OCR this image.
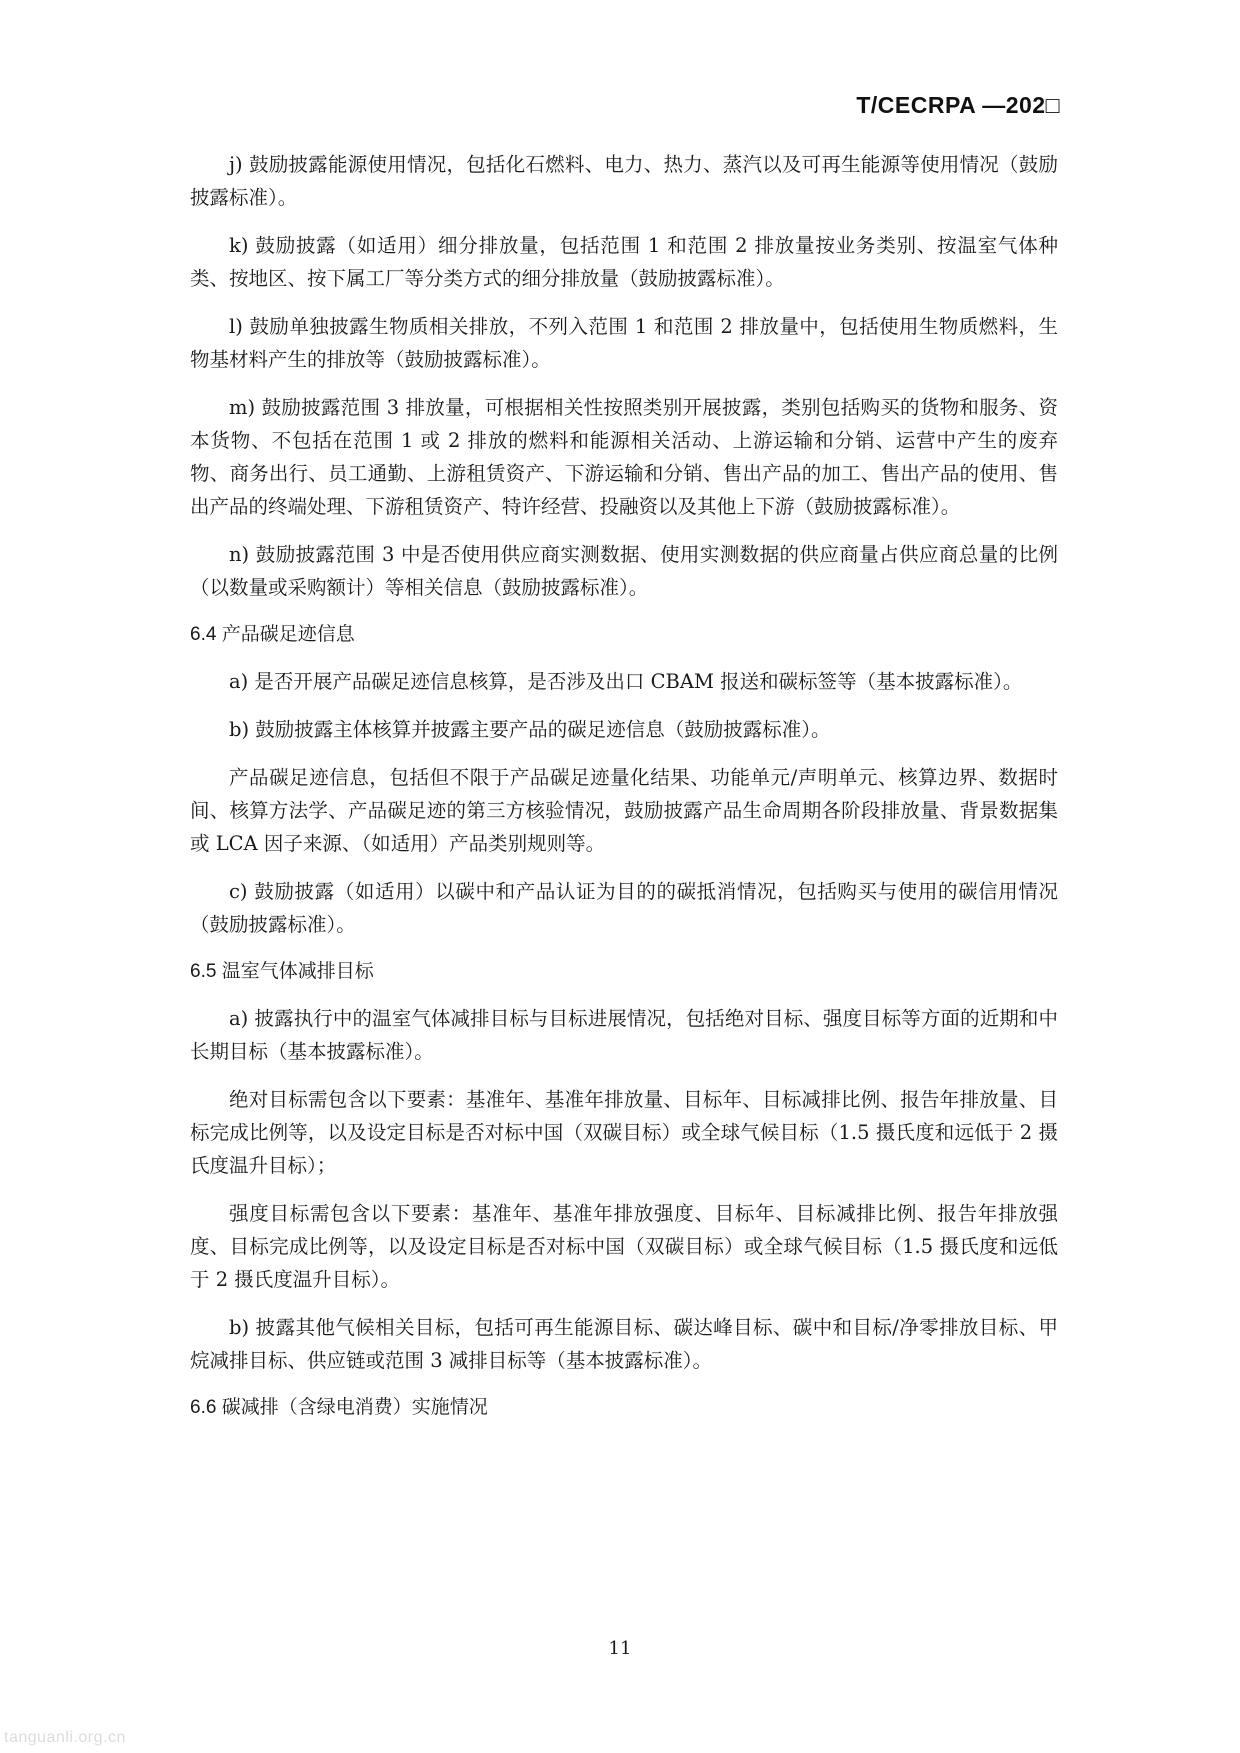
T/CECRPA —202□

j) 鼓励披露能源使用情况，包括化石燃料、电力、热力、蒸汽以及可再生能源等使用情况（鼓励披露标准）。

k) 鼓励披露（如适用）细分排放量，包括范围 1 和范围 2 排放量按业务类别、按温室气体种类、按地区、按下属工厂等分类方式的细分排放量（鼓励披露标准）。

l) 鼓励单独披露生物质相关排放，不列入范围 1 和范围 2 排放量中，包括使用生物质燃料，生物基材料产生的排放等（鼓励披露标准）。

m) 鼓励披露范围 3 排放量，可根据相关性按照类别开展披露，类别包括购买的货物和服务、资本货物、不包括在范围 1 或 2 排放的燃料和能源相关活动、上游运输和分销、运营中产生的废弃物、商务出行、员工通勤、上游租赁资产、下游运输和分销、售出产品的加工、售出产品的使用、售出产品的终端处理、下游租赁资产、特许经营、投融资以及其他上下游（鼓励披露标准）。

n) 鼓励披露范围 3 中是否使用供应商实测数据、使用实测数据的供应商量占供应商总量的比例（以数量或采购额计）等相关信息（鼓励披露标准）。

6.4 产品碳足迹信息

a) 是否开展产品碳足迹信息核算，是否涉及出口 CBAM 报送和碳标签等（基本披露标准）。

b) 鼓励披露主体核算并披露主要产品的碳足迹信息（鼓励披露标准）。

产品碳足迹信息，包括但不限于产品碳足迹量化结果、功能单元/声明单元、核算边界、数据时间、核算方法学、产品碳足迹的第三方核验情况，鼓励披露产品生命周期各阶段排放量、背景数据集或 LCA 因子来源、（如适用）产品类别规则等。

c) 鼓励披露（如适用）以碳中和产品认证为目的的碳抵消情况，包括购买与使用的碳信用情况（鼓励披露标准）。

6.5 温室气体减排目标

a) 披露执行中的温室气体减排目标与目标进展情况，包括绝对目标、强度目标等方面的近期和中长期目标（基本披露标准）。

绝对目标需包含以下要素：基准年、基准年排放量、目标年、目标减排比例、报告年排放量、目标完成比例等，以及设定目标是否对标中国（双碳目标）或全球气候目标（1.5 摄氏度和远低于 2 摄氏度温升目标）；

强度目标需包含以下要素：基准年、基准年排放强度、目标年、目标减排比例、报告年排放强度、目标完成比例等，以及设定目标是否对标中国（双碳目标）或全球气候目标（1.5 摄氏度和远低于 2 摄氏度温升目标）。

b) 披露其他气候相关目标，包括可再生能源目标、碳达峰目标、碳中和目标/净零排放目标、甲烷减排目标、供应链或范围 3 减排目标等（基本披露标准）。

6.6 碳减排（含绿电消费）实施情况
11
tanguanli.org.cn
